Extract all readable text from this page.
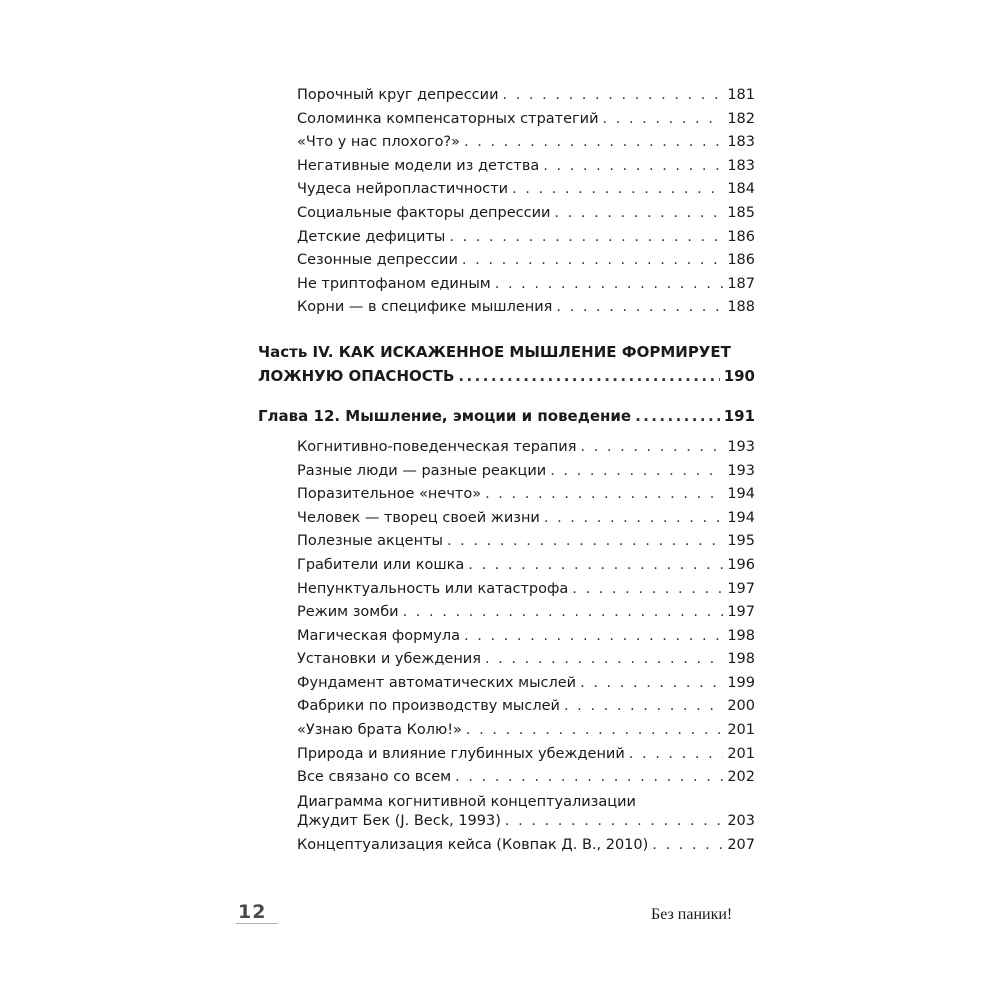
Порочный круг депрессии . . .	181
Соломинка компенсаторных стратегий . . .	182
«Что у нас плохого?» . . .	183
Негативные модели из детства . . .	183
Чудеса нейропластичности . . .	184
Социальные факторы депрессии . . .	185
Детские дефициты . . .	186
Сезонные депрессии . . .	186
Не триптофаном единым . . .	187
Корни — в специфике мышления . . .	188
Часть IV. КАК ИСКАЖЕННОЕ МЫШЛЕНИЕ ФОРМИРУЕТ
ЛОЖНУЮ ОПАСНОСТЬ .....	190
Глава 12. Мышление, эмоции и поведение .....	191
Когнитивно-поведенческая терапия . . .	193
Разные люди — разные реакции . . .	193
Поразительное «нечто» . . .	194
Человек — творец своей жизни . . .	194
Полезные акценты . . .	195
Грабители или кошка . . .	196
Непунктуальность или катастрофа . . .	197
Режим зомби . . .	197
Магическая формула . . .	198
Установки и убеждения . . .	198
Фундамент автоматических мыслей . . .	199
Фабрики по производству мыслей . . .	200
«Узнаю брата Колю!» . . .	201
Природа и влияние глубинных убеждений . . .	201
Все связано со всем . . .	202
Диаграмма когнитивной концептуализации
Джудит Бек (J. Beck, 1993) . . .	203
Концептуализация кейса (Ковпак Д. В., 2010) . . .	207
12	Без паники!
